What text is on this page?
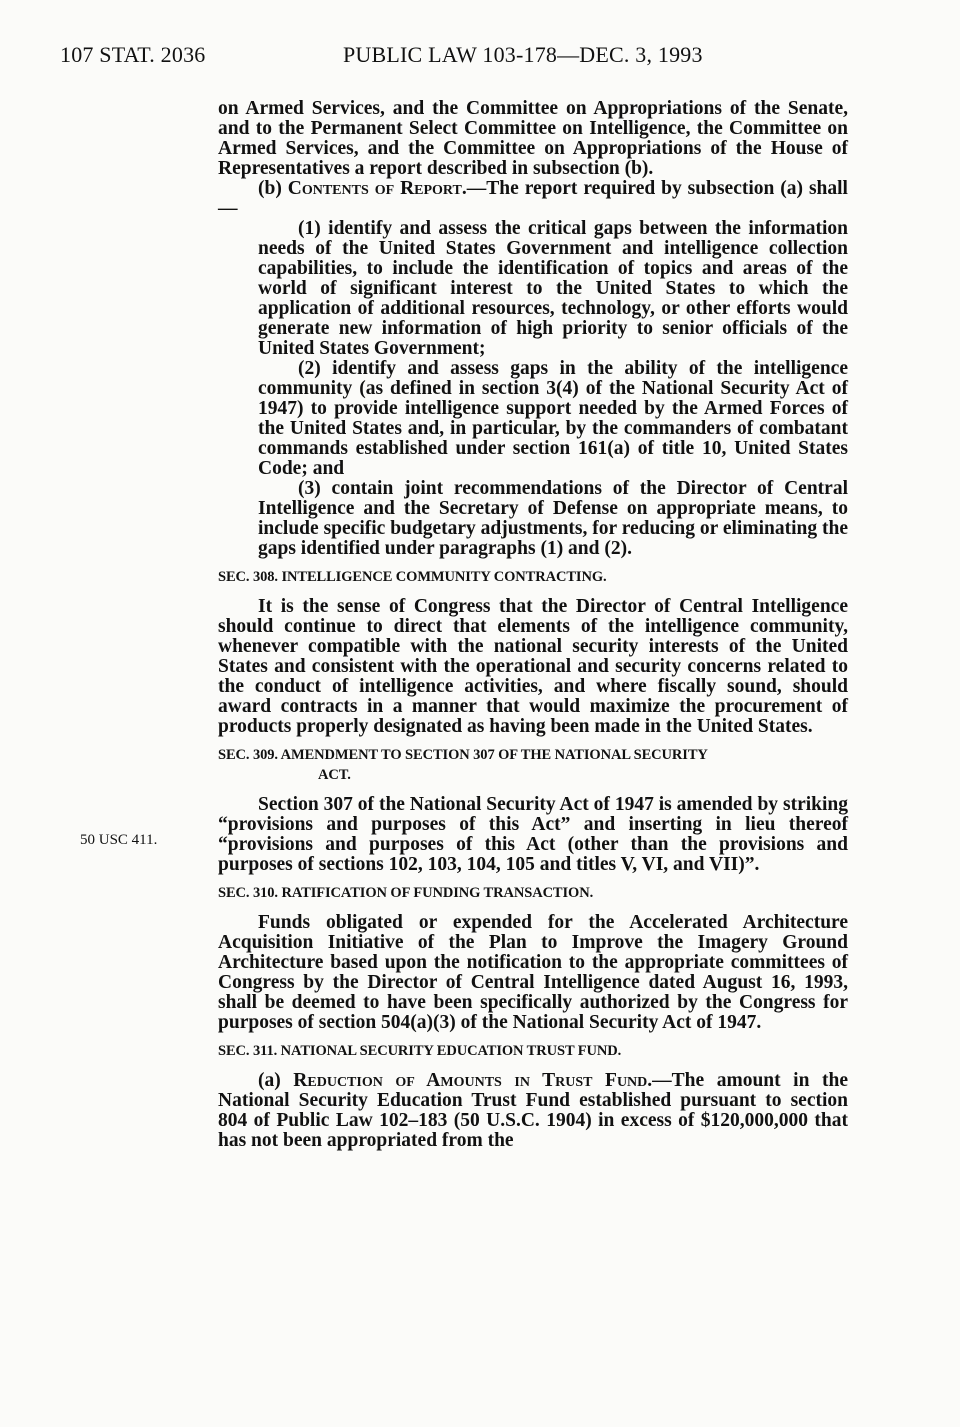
107 STAT. 2036	PUBLIC LAW 103-178—DEC. 3, 1993
50 USC 411.

on Armed Services, and the Committee on Appropriations of the Senate, and to the Permanent Select Committee on Intelligence, the Committee on Armed Services, and the Committee on Appropriations of the House of Representatives a report described in subsection (b).

(b) Contents of Report.—The report required by subsection (a) shall—

(1) identify and assess the critical gaps between the information needs of the United States Government and intelligence collection capabilities, to include the identification of topics and areas of the world of significant interest to the United States to which the application of additional resources, technology, or other efforts would generate new information of high priority to senior officials of the United States Government;

(2) identify and assess gaps in the ability of the intelligence community (as defined in section 3(4) of the National Security Act of 1947) to provide intelligence support needed by the Armed Forces of the United States and, in particular, by the commanders of combatant commands established under section 161(a) of title 10, United States Code; and

(3) contain joint recommendations of the Director of Central Intelligence and the Secretary of Defense on appropriate means, to include specific budgetary adjustments, for reducing or eliminating the gaps identified under paragraphs (1) and (2).

SEC. 308. INTELLIGENCE COMMUNITY CONTRACTING.

It is the sense of Congress that the Director of Central Intelligence should continue to direct that elements of the intelligence community, whenever compatible with the national security interests of the United States and consistent with the operational and security concerns related to the conduct of intelligence activities, and where fiscally sound, should award contracts in a manner that would maximize the procurement of products properly designated as having been made in the United States.

SEC. 309. AMENDMENT TO SECTION 307 OF THE NATIONAL SECURITY
ACT.

Section 307 of the National Security Act of 1947 is amended by striking “provisions and purposes of this Act” and inserting in lieu thereof “provisions and purposes of this Act (other than the provisions and purposes of sections 102, 103, 104, 105 and titles V, VI, and VII)”.

SEC. 310. RATIFICATION OF FUNDING TRANSACTION.

Funds obligated or expended for the Accelerated Architecture Acquisition Initiative of the Plan to Improve the Imagery Ground Architecture based upon the notification to the appropriate committees of Congress by the Director of Central Intelligence dated August 16, 1993, shall be deemed to have been specifically authorized by the Congress for purposes of section 504(a)(3) of the National Security Act of 1947.

SEC. 311. NATIONAL SECURITY EDUCATION TRUST FUND.

(a) Reduction of Amounts in Trust Fund.—The amount in the National Security Education Trust Fund established pursuant to section 804 of Public Law 102–183 (50 U.S.C. 1904) in excess of $120,000,000 that has not been appropriated from the
